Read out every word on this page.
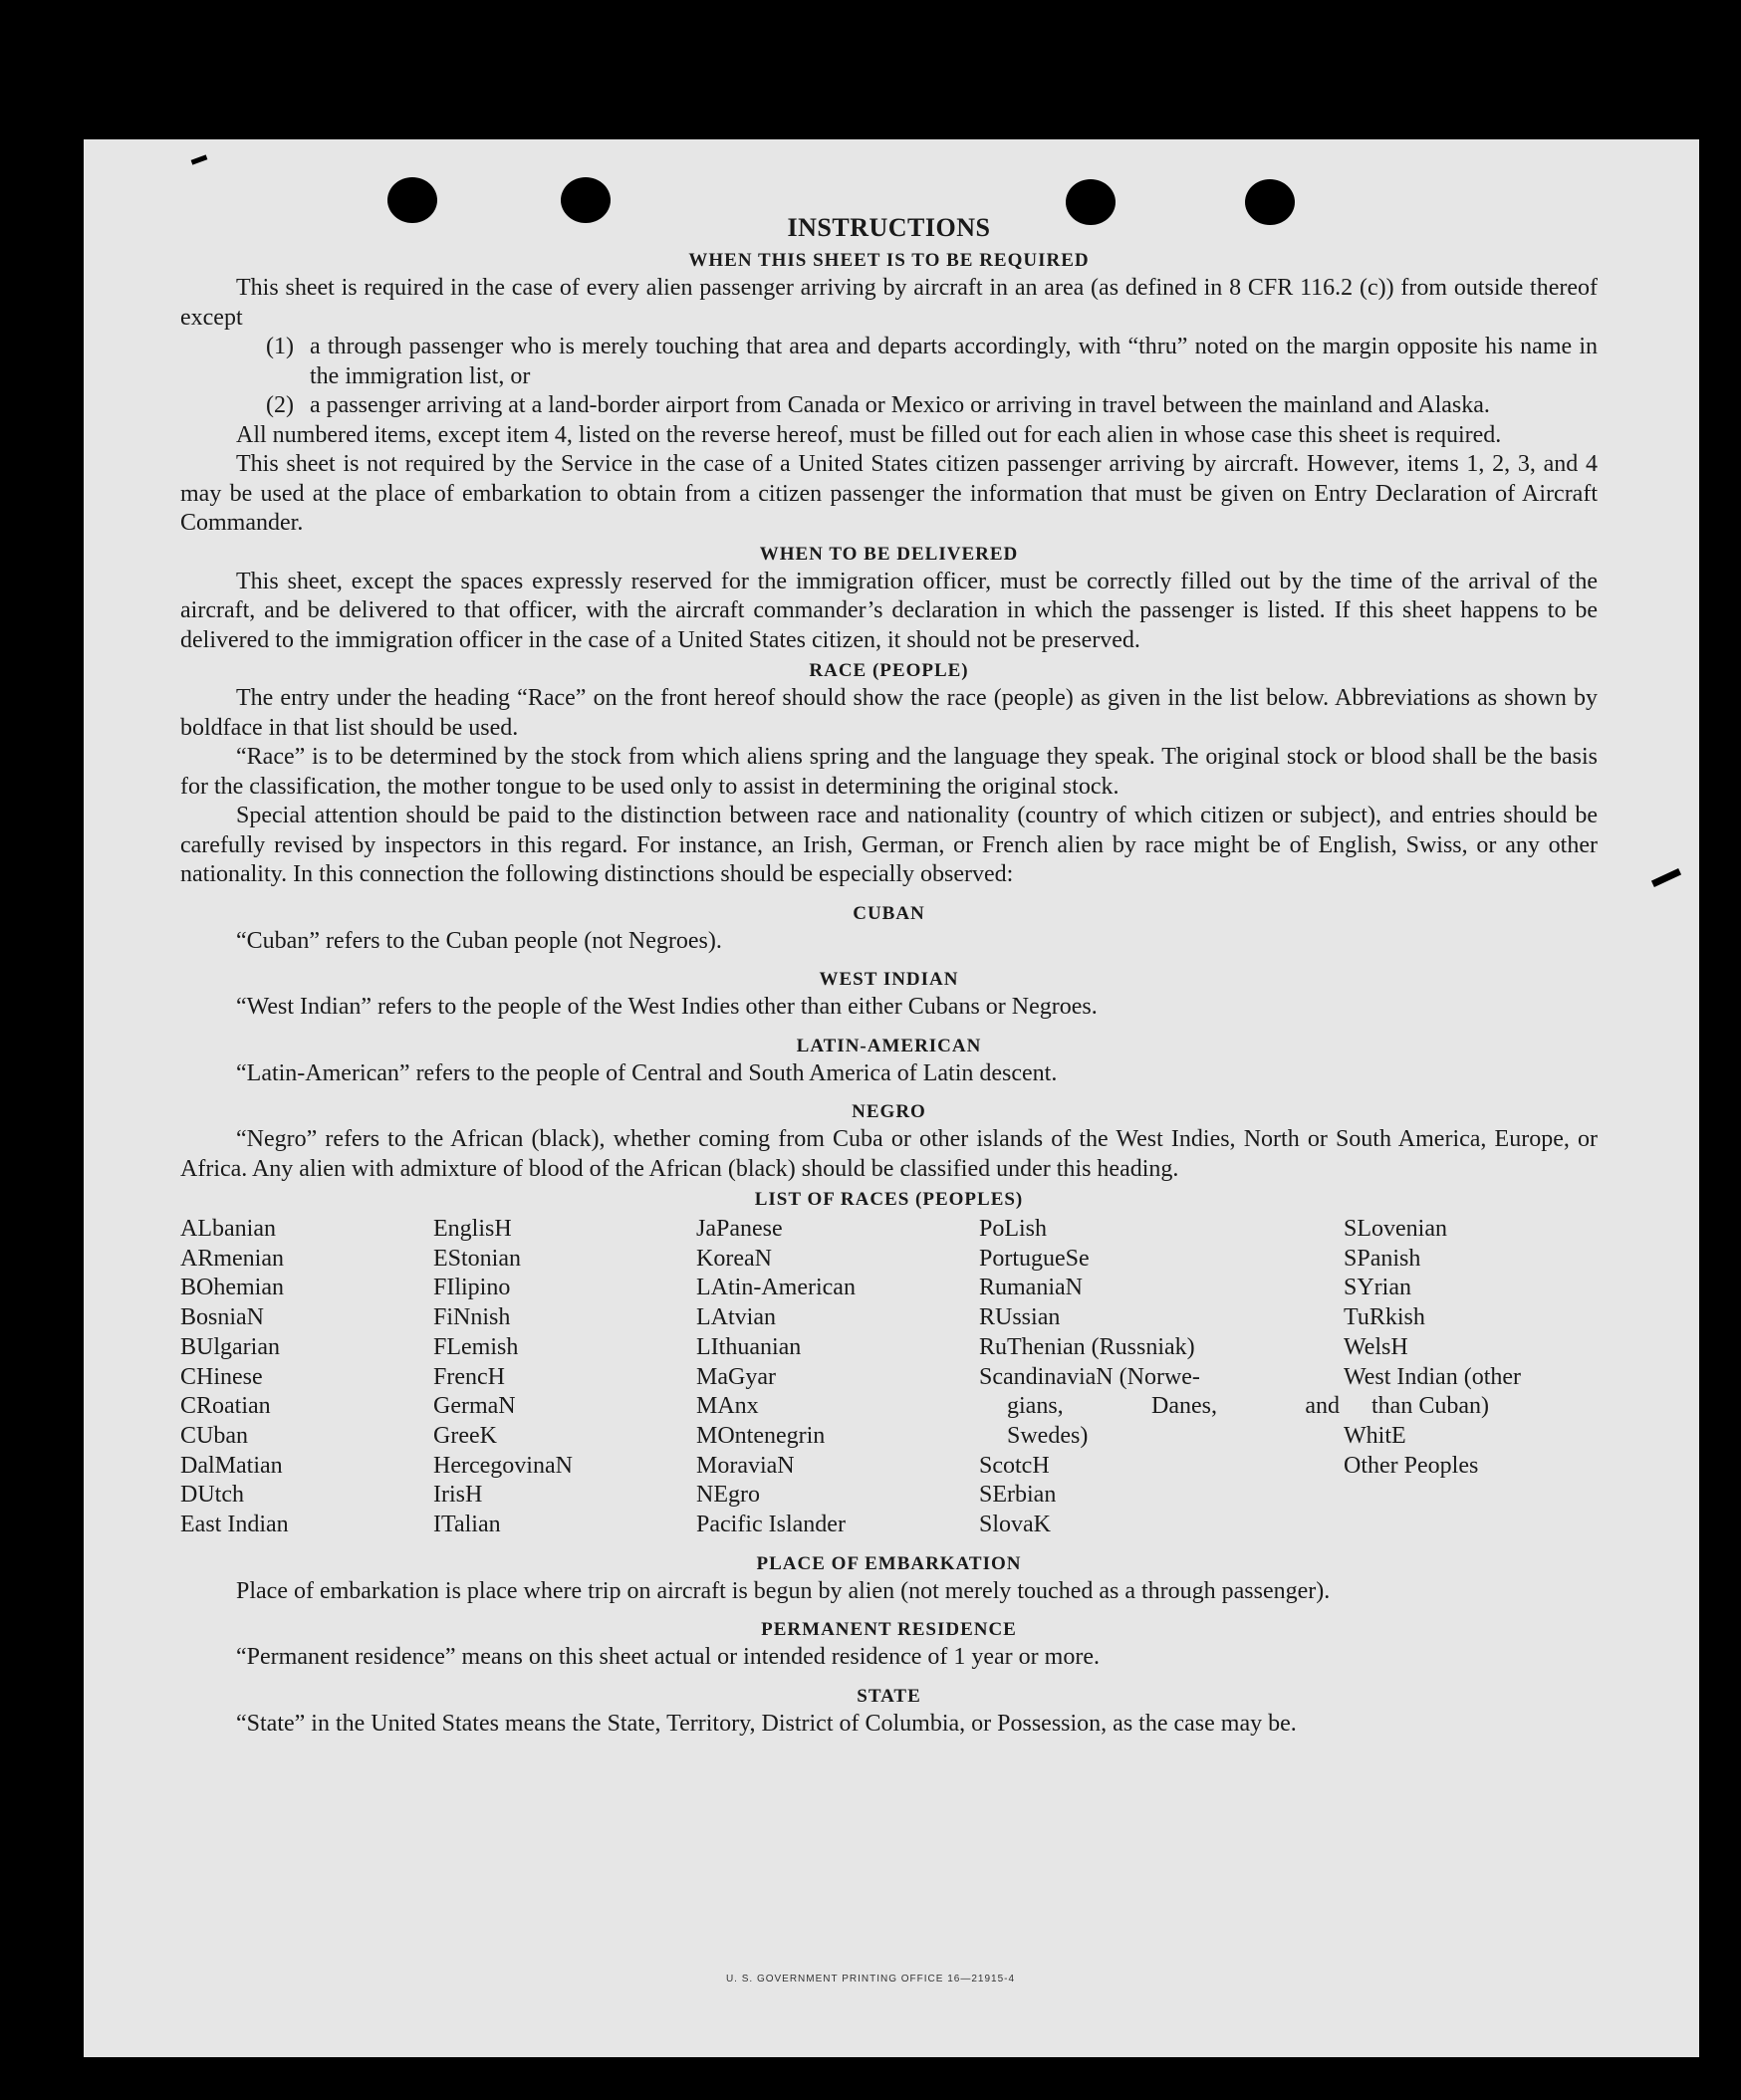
INSTRUCTIONS
WHEN THIS SHEET IS TO BE REQUIRED

This sheet is required in the case of every alien passenger arriving by aircraft in an area (as defined in 8 CFR 116.2 (c)) from outside thereof except

(1) a through passenger who is merely touching that area and departs accordingly, with “thru” noted on the margin opposite his name in the immigration list, or
(2) a passenger arriving at a land-border airport from Canada or Mexico or arriving in travel between the mainland and Alaska.

All numbered items, except item 4, listed on the reverse hereof, must be filled out for each alien in whose case this sheet is required.

This sheet is not required by the Service in the case of a United States citizen passenger arriving by aircraft. However, items 1, 2, 3, and 4 may be used at the place of embarkation to obtain from a citizen passenger the information that must be given on Entry Declaration of Aircraft Commander.

WHEN TO BE DELIVERED

This sheet, except the spaces expressly reserved for the immigration officer, must be correctly filled out by the time of the arrival of the aircraft, and be delivered to that officer, with the aircraft commander’s declaration in which the passenger is listed. If this sheet happens to be delivered to the immigration officer in the case of a United States citizen, it should not be preserved.

RACE (PEOPLE)

The entry under the heading “Race” on the front hereof should show the race (people) as given in the list below. Abbreviations as shown by boldface in that list should be used.

“Race” is to be determined by the stock from which aliens spring and the language they speak. The original stock or blood shall be the basis for the classification, the mother tongue to be used only to assist in determining the original stock.

Special attention should be paid to the distinction between race and nationality (country of which citizen or subject), and entries should be carefully revised by inspectors in this regard. For instance, an Irish, German, or French alien by race might be of English, Swiss, or any other nationality. In this connection the following distinctions should be especially observed:

CUBAN

“Cuban” refers to the Cuban people (not Negroes).

WEST INDIAN

“West Indian” refers to the people of the West Indies other than either Cubans or Negroes.

LATIN-AMERICAN

“Latin-American” refers to the people of Central and South America of Latin descent.

NEGRO

“Negro” refers to the African (black), whether coming from Cuba or other islands of the West Indies, North or South America, Europe, or Africa. Any alien with admixture of blood of the African (black) should be classified under this heading.

LIST OF RACES (PEOPLES)
ALbanian
ARmenian
BOhemian
BosniaN
BUlgarian
CHinese
CRoatian
CUban
DalMatian
DUtch
East Indian
EnglisH
EStonian
FIlipino
FiNnish
FLemish
FrencH
GermaN
GreeK
HercegovinaN
IrisH
ITalian
JaPanese
KoreaN
LAtin-American
LAtvian
LIthuanian
MaGyar
MAnx
MOntenegrin
MoraviaN
NEgro
Pacific Islander
PoLish
PortugueSe
RumaniaN
RUssian
RuThenian (Russniak)
ScandinaviaN (Norwe-
gians, Danes, and
Swedes)
ScotcH
SErbian
SlovaK
SLovenian
SPanish
SYrian
TuRkish
WelsH
West Indian (other
than Cuban)
WhitE
Other Peoples
PLACE OF EMBARKATION

Place of embarkation is place where trip on aircraft is begun by alien (not merely touched as a through passenger).

PERMANENT RESIDENCE

“Permanent residence” means on this sheet actual or intended residence of 1 year or more.

STATE

“State” in the United States means the State, Territory, District of Columbia, or Possession, as the case may be.

U. S. GOVERNMENT PRINTING OFFICE 16—21915-4
